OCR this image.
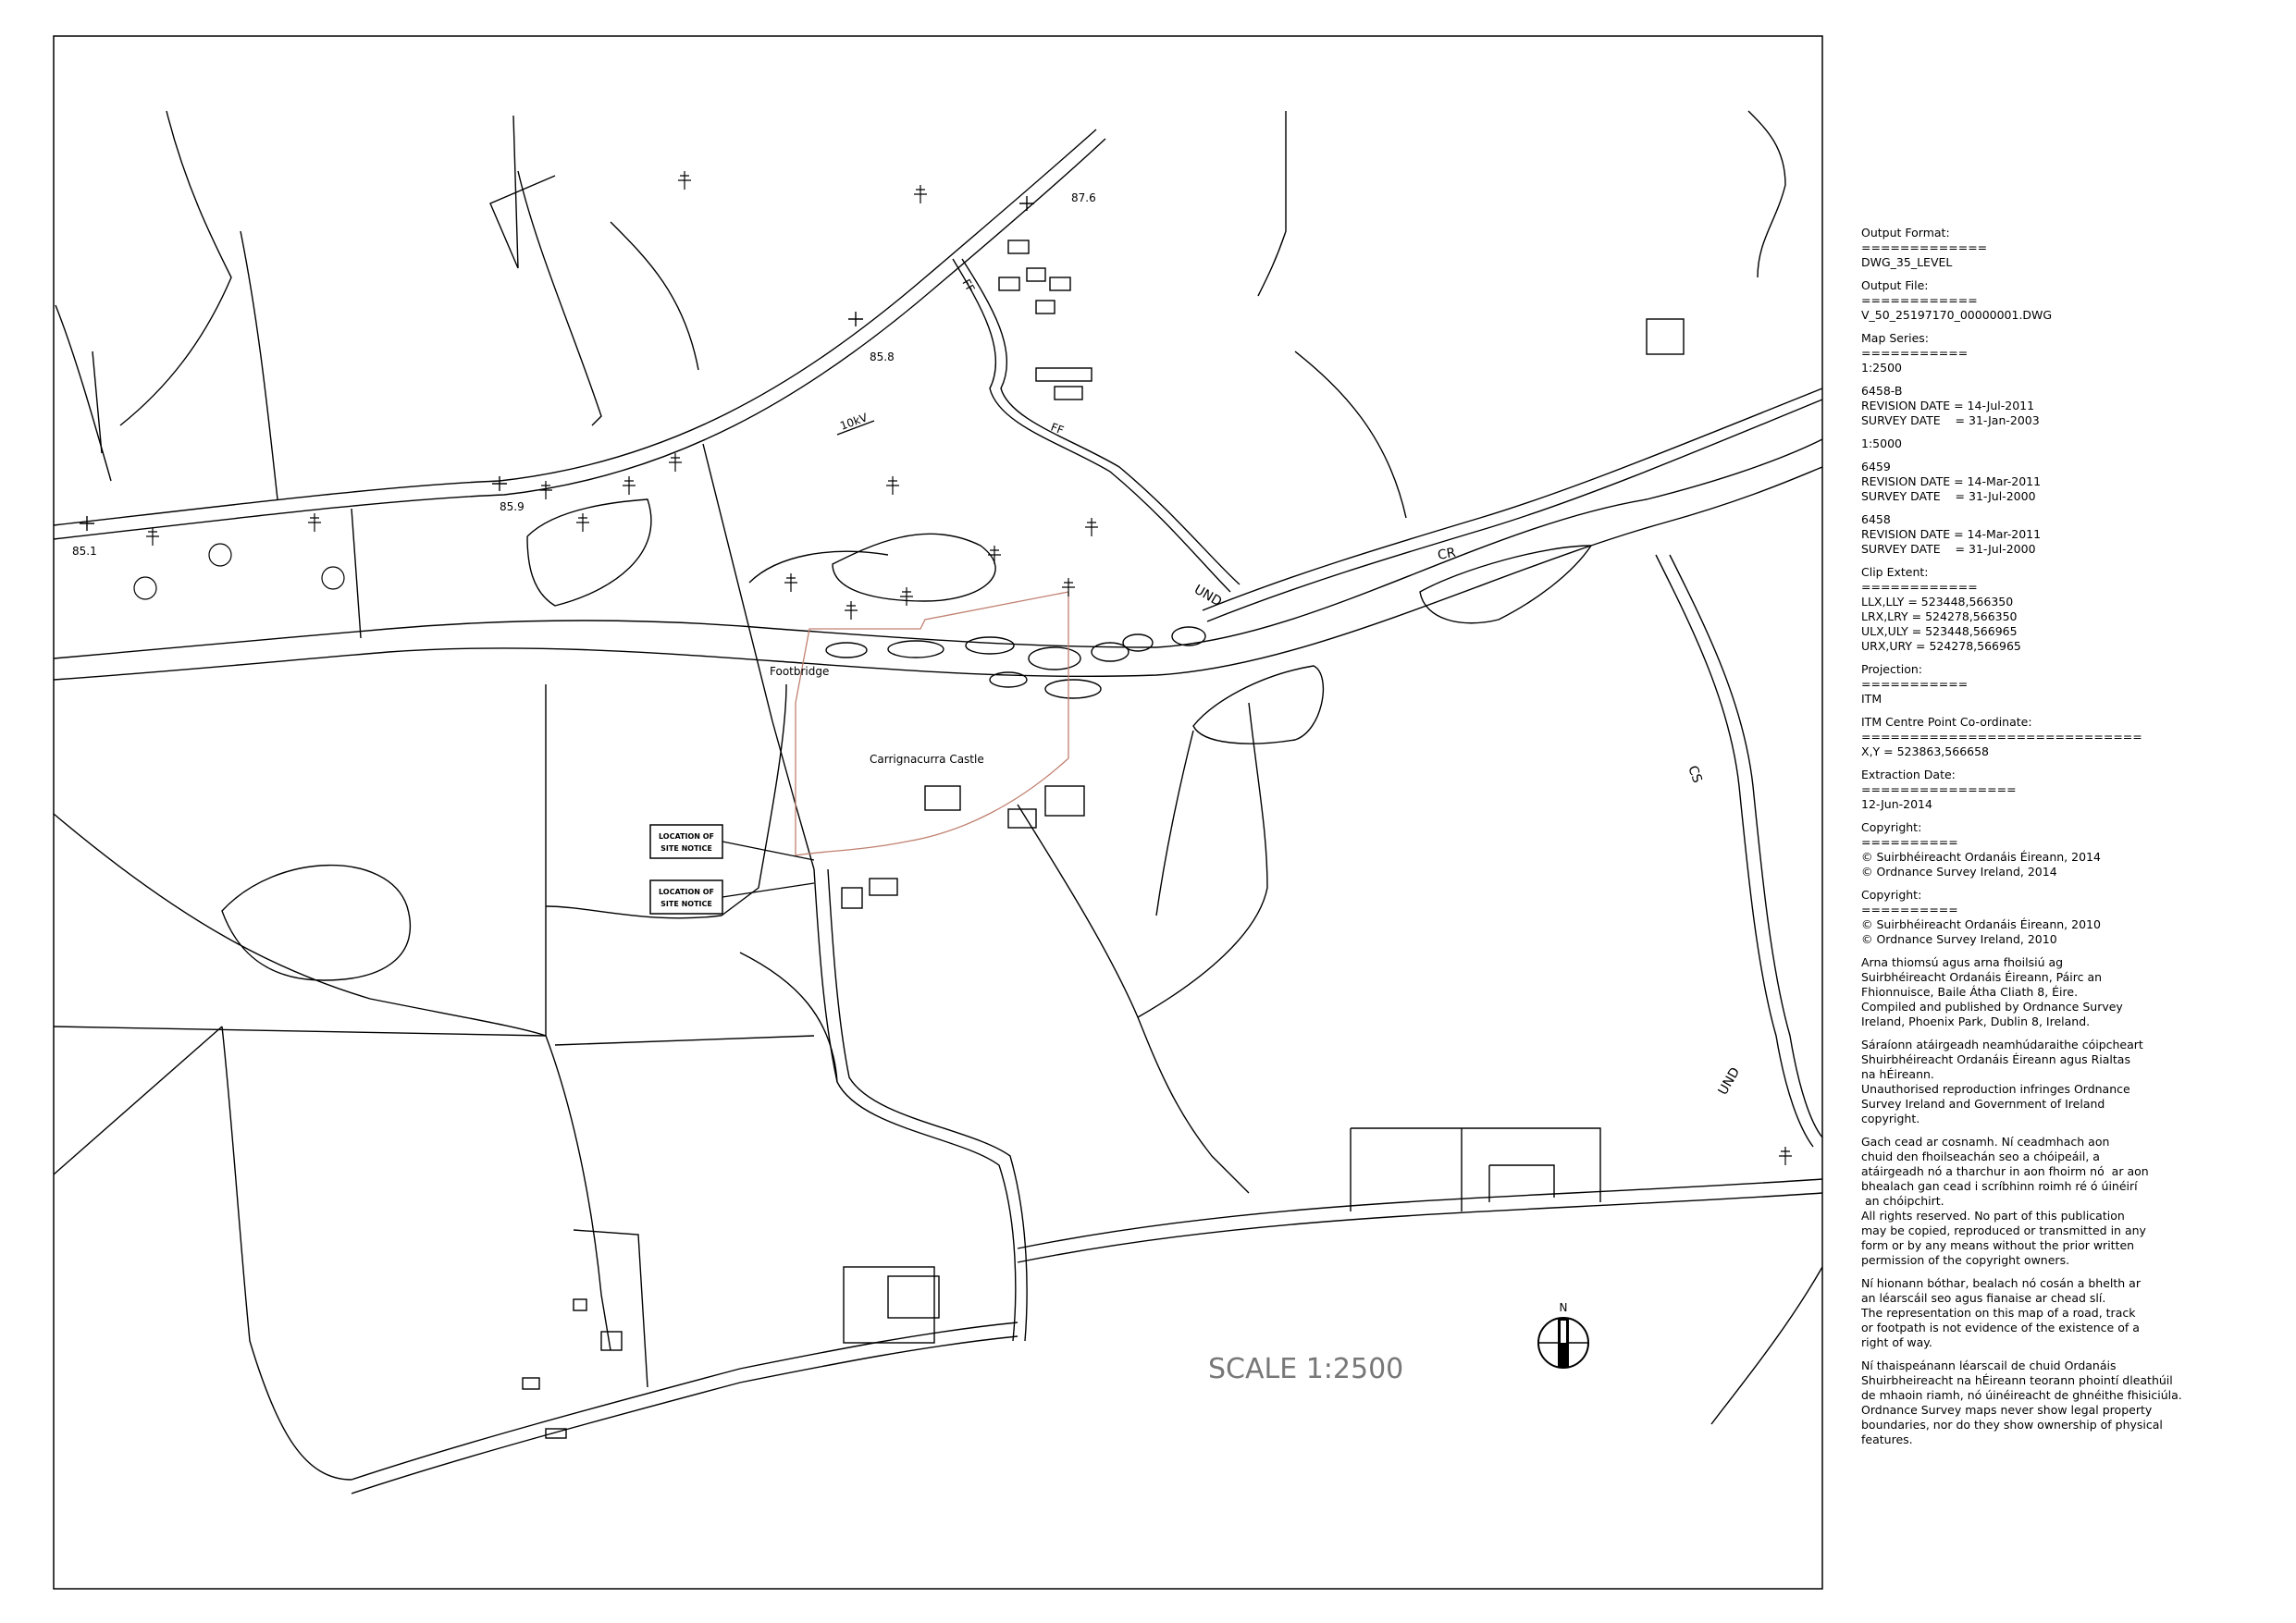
LOCATION OF
SITE NOTICE
LOCATION OF
SITE NOTICE
87.6
85.8
85.9
85.1
10kV
FF
FF
UND
UND
CR
CS
Footbridge
Carrignacurra Castle
SCALE 1:2500
N
Output Format:
=============
DWG_35_LEVEL
Output File:
============
V_50_25197170_00000001.DWG
Map Series:
===========
1:2500
6458-B
REVISION DATE = 14-Jul-2011
SURVEY DATE    = 31-Jan-2003
1:5000
6459
REVISION DATE = 14-Mar-2011
SURVEY DATE    = 31-Jul-2000
6458
REVISION DATE = 14-Mar-2011
SURVEY DATE    = 31-Jul-2000
Clip Extent:
============
LLX,LLY = 523448,566350
LRX,LRY = 524278,566350
ULX,ULY = 523448,566965
URX,URY = 524278,566965
Projection:
===========
ITM
ITM Centre Point Co-ordinate:
=============================
X,Y = 523863,566658
Extraction Date:
================
12-Jun-2014
Copyright:
==========
© Suirbhéireacht Ordanáis Éireann, 2014
© Ordnance Survey Ireland, 2014
Copyright:
==========
© Suirbhéireacht Ordanáis Éireann, 2010
© Ordnance Survey Ireland, 2010
Arna thiomsú agus arna fhoilsiú ag
Suirbhéireacht Ordanáis Éireann, Páirc an
Fhionnuisce, Baile Átha Cliath 8, Éire.
Compiled and published by Ordnance Survey
Ireland, Phoenix Park, Dublin 8, Ireland.
Sáraíonn atáirgeadh neamhúdaraithe cóipcheart
Shuirbhéireacht Ordanáis Éireann agus Rialtas
na hÉireann.
Unauthorised reproduction infringes Ordnance
Survey Ireland and Government of Ireland
copyright.
Gach cead ar cosnamh. Ní ceadmhach aon
chuid den fhoilseachán seo a chóipeáil, a
atáirgeadh nó a tharchur in aon fhoirm nó  ar aon
bhealach gan cead i scríbhinn roimh ré ó úinéirí
an chóipchirt.
All rights reserved. No part of this publication
may be copied, reproduced or transmitted in any
form or by any means without the prior written
permission of the copyright owners.
Ní hionann bóthar, bealach nó cosán a bhelth ar
an léarscáil seo agus fianaise ar chead slí.
The representation on this map of a road, track
or footpath is not evidence of the existence of a
right of way.
Ní thaispeánann léarscail de chuid Ordanáis
Shuirbheireacht na hÉireann teorann phointí dleathúil
de mhaoin riamh, nó úinéireacht de ghnéithe fhisiciúla.
Ordnance Survey maps never show legal property
boundaries, nor do they show ownership of physical
features.
